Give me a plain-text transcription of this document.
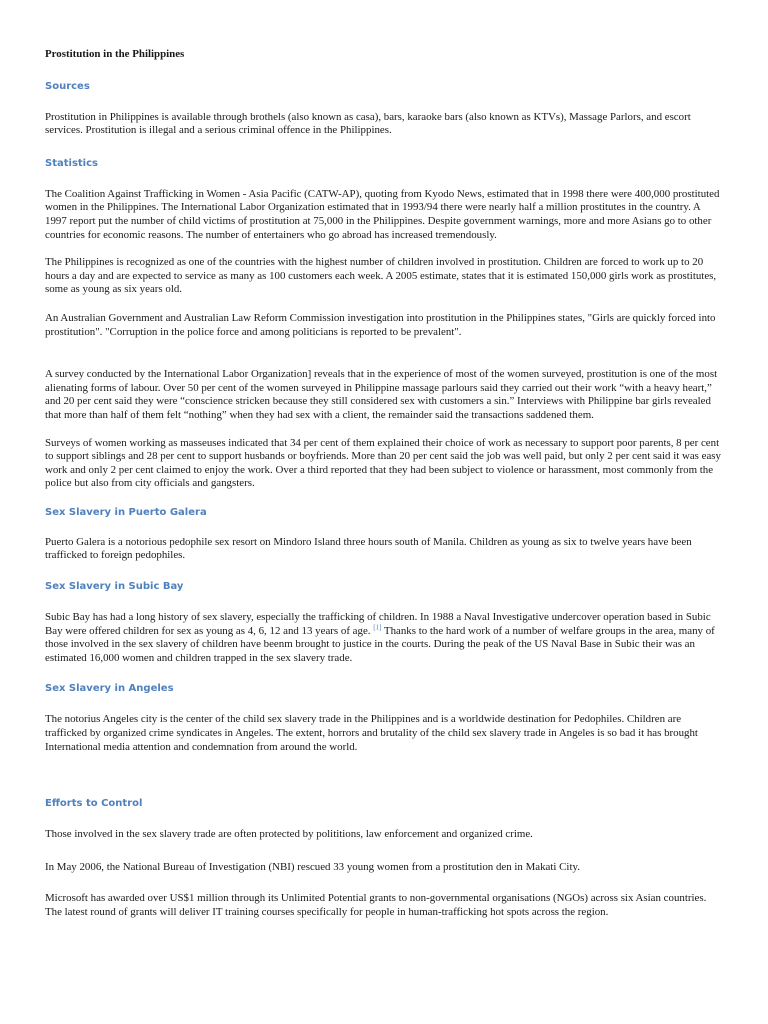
Prostitution in the Philippines

Sources

Prostitution in Philippines is available through brothels (also known as casa), bars, karaoke bars (also known as KTVs), Massage Parlors, and escort services. Prostitution is illegal and a serious criminal offence in the Philippines.

Statistics

The Coalition Against Trafficking in Women - Asia Pacific (CATW-AP), quoting from Kyodo News, estimated that in 1998 there were 400,000 prostituted women in the Philippines. The International Labor Organization estimated that in 1993/94 there were nearly half a million prostitutes in the country. A 1997 report put the number of child victims of prostitution at 75,000 in the Philippines. Despite government warnings, more and more Asians go to other countries for economic reasons. The number of entertainers who go abroad has increased tremendously.

The Philippines is recognized as one of the countries with the highest number of children involved in prostitution. Children are forced to work up to 20 hours a day and are expected to service as many as 100 customers each week. A 2005 estimate, states that it is estimated 150,000 girls work as prostitutes, some as young as six years old.

An Australian Government and Australian Law Reform Commission investigation into prostitution in the Philippines states, "Girls are quickly forced into prostitution". "Corruption in the police force and among politicians is reported to be prevalent".

A survey conducted by the International Labor Organization] reveals that in the experience of most of the women surveyed, prostitution is one of the most alienating forms of labour. Over 50 per cent of the women surveyed in Philippine massage parlours said they carried out their work “with a heavy heart,” and 20 per cent said they were “conscience stricken because they still considered sex with customers a sin.” Interviews with Philippine bar girls revealed that more than half of them felt “nothing” when they had sex with a client, the remainder said the transactions saddened them.

Surveys of women working as masseuses indicated that 34 per cent of them explained their choice of work as necessary to support poor parents, 8 per cent to support siblings and 28 per cent to support husbands or boyfriends. More than 20 per cent said the job was well paid, but only 2 per cent said it was easy work and only 2 per cent claimed to enjoy the work. Over a third reported that they had been subject to violence or harassment, most commonly from the police but also from city officials and gangsters.

Sex Slavery in Puerto Galera

Puerto Galera is a notorious pedophile sex resort on Mindoro Island three hours south of Manila. Children as young as six to twelve years have been trafficked to foreign pedophiles.

Sex Slavery in Subic Bay

Subic Bay has had a long history of sex slavery, especially the trafficking of children. In 1988 a Naval Investigative undercover operation based in Subic Bay were offered children for sex as young as 4, 6, 12 and 13 years of age. [1] Thanks to the hard work of a number of welfare groups in the area, many of those involved in the sex slavery of children have beenm brought to justice in the courts. During the peak of the US Naval Base in Subic their was an estimated 16,000 women and children trapped in the sex slavery trade.

Sex Slavery in Angeles

The notorius Angeles city is the center of the child sex slavery trade in the Philippines and is a worldwide destination for Pedophiles. Children are trafficked by organized crime syndicates in Angeles. The extent, horrors and brutality of the child sex slavery trade in Angeles is so bad it has brought International media attention and condemnation from around the world.

Efforts to Control

Those involved in the sex slavery trade are often protected by polititions, law enforcement and organized crime.

In May 2006, the National Bureau of Investigation (NBI) rescued 33 young women from a prostitution den in Makati City.

Microsoft has awarded over US$1 million through its Unlimited Potential grants to non-governmental organisations (NGOs) across six Asian countries. The latest round of grants will deliver IT training courses specifically for people in human-trafficking hot spots across the region.
